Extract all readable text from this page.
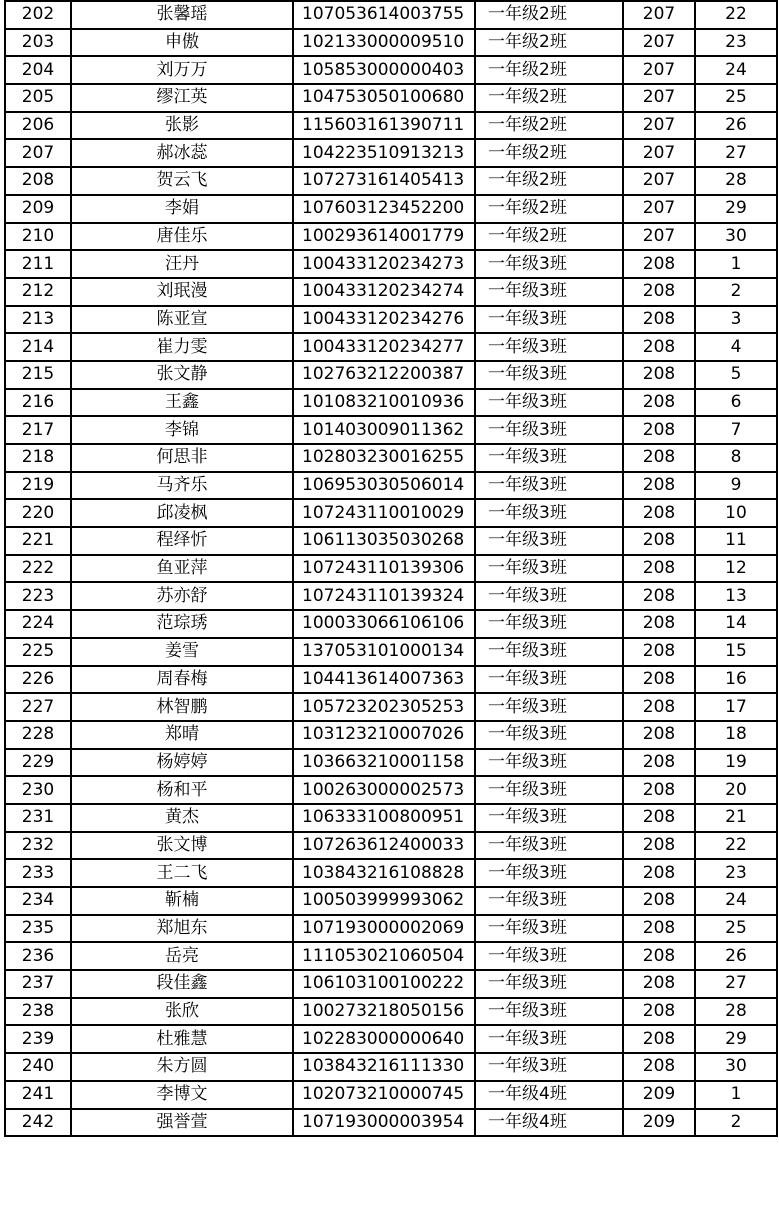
202	张馨瑶	107053614003755	一年级2班	207	22
203	申傲	102133000009510	一年级2班	207	23
204	刘万万	105853000000403	一年级2班	207	24
205	缪江英	104753050100680	一年级2班	207	25
206	张影	115603161390711	一年级2班	207	26
207	郝冰蕊	104223510913213	一年级2班	207	27
208	贺云飞	107273161405413	一年级2班	207	28
209	李娟	107603123452200	一年级2班	207	29
210	唐佳乐	100293614001779	一年级2班	207	30
211	汪丹	100433120234273	一年级3班	208	1
212	刘珉漫	100433120234274	一年级3班	208	2
213	陈亚宣	100433120234276	一年级3班	208	3
214	崔力雯	100433120234277	一年级3班	208	4
215	张文静	102763212200387	一年级3班	208	5
216	王鑫	101083210010936	一年级3班	208	6
217	李锦	101403009011362	一年级3班	208	7
218	何思非	102803230016255	一年级3班	208	8
219	马齐乐	106953030506014	一年级3班	208	9
220	邱凌枫	107243110010029	一年级3班	208	10
221	程绎忻	106113035030268	一年级3班	208	11
222	鱼亚萍	107243110139306	一年级3班	208	12
223	苏亦舒	107243110139324	一年级3班	208	13
224	范琮琇	100033066106106	一年级3班	208	14
225	姜雪	137053101000134	一年级3班	208	15
226	周春梅	104413614007363	一年级3班	208	16
227	林智鹏	105723202305253	一年级3班	208	17
228	郑晴	103123210007026	一年级3班	208	18
229	杨婷婷	103663210001158	一年级3班	208	19
230	杨和平	100263000002573	一年级3班	208	20
231	黄杰	106333100800951	一年级3班	208	21
232	张文博	107263612400033	一年级3班	208	22
233	王二飞	103843216108828	一年级3班	208	23
234	靳楠	100503999993062	一年级3班	208	24
235	郑旭东	107193000002069	一年级3班	208	25
236	岳亮	111053021060504	一年级3班	208	26
237	段佳鑫	106103100100222	一年级3班	208	27
238	张欣	100273218050156	一年级3班	208	28
239	杜雅慧	102283000000640	一年级3班	208	29
240	朱方圆	103843216111330	一年级3班	208	30
241	李博文	102073210000745	一年级4班	209	1
242	强誉萱	107193000003954	一年级4班	209	2
